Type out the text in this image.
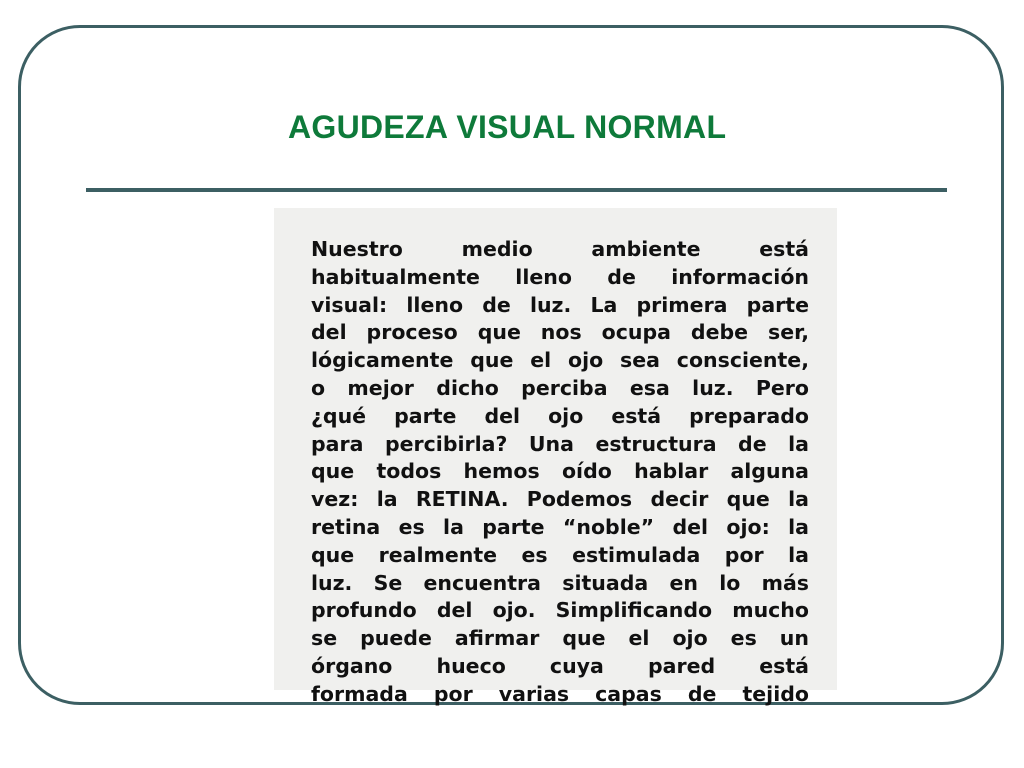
AGUDEZA VISUAL NORMAL
Nuestro medio ambiente está
habitualmente lleno de información
visual: lleno de luz. La primera parte
del proceso que nos ocupa debe ser,
lógicamente que el ojo sea consciente,
o mejor dicho perciba esa luz. Pero
¿qué parte del ojo está preparado
para percibirla? Una estructura de la
que todos hemos oído hablar alguna
vez: la RETINA. Podemos decir que la
retina es la parte “noble” del ojo: la
que realmente es estimulada por la
luz. Se encuentra situada en lo más
profundo del ojo. Simplificando mucho
se puede afirmar que el ojo es un
órgano hueco cuya pared está
formada por varias capas de tejido
